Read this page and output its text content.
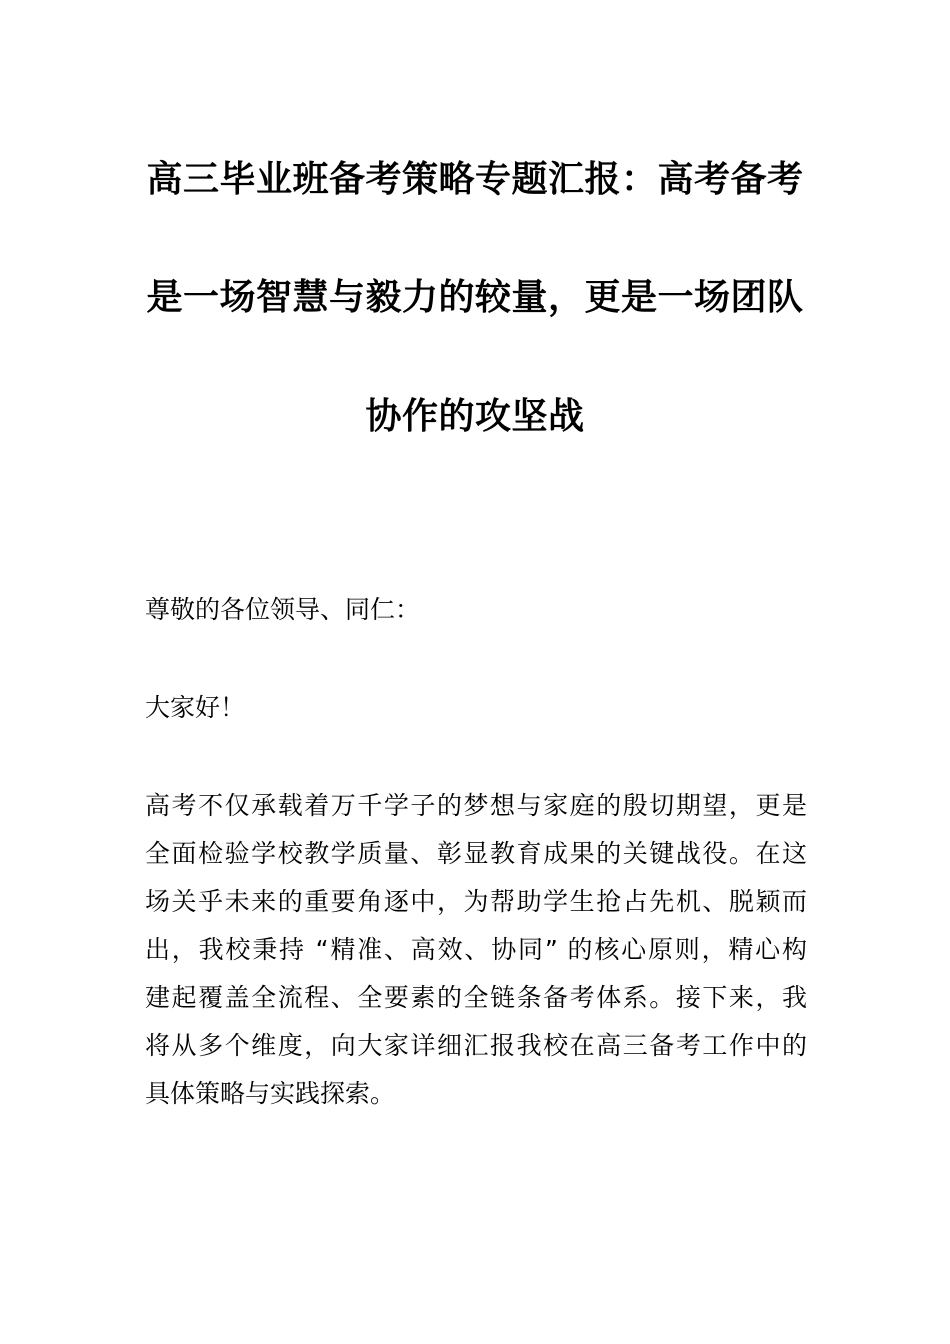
高三毕业班备考策略专题汇报：高考备考
是一场智慧与毅力的较量，更是一场团队
协作的攻坚战

尊敬的各位领导、同仁：

大家好！

高考不仅承载着万千学子的梦想与家庭的殷切期望，更是
全面检验学校教学质量、彰显教育成果的关键战役。在这
场关乎未来的重要角逐中，为帮助学生抢占先机、脱颖而
出，我校秉持 “精准、高效、协同” 的核心原则，精心构
建起覆盖全流程、全要素的全链条备考体系。接下来，我
将从多个维度，向大家详细汇报我校在高三备考工作中的
具体策略与实践探索。
